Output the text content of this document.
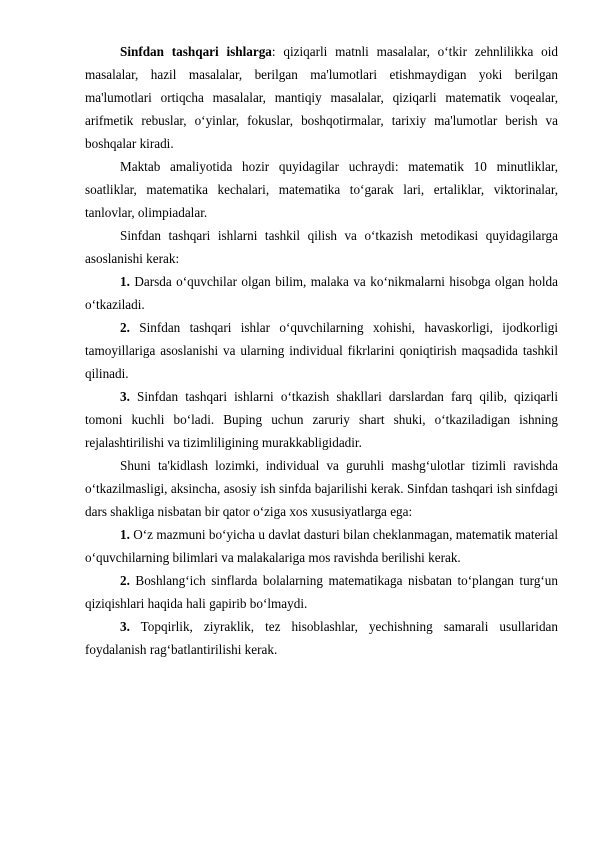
Sinfdan tashqari ishlarga: qiziqarli matnli masalalar, oʻtkir zehnlilikka oid masalalar, hazil masalalar, berilgan ma'lumotlari etishmaydigan yoki berilgan ma'lumotlari ortiqcha masalalar, mantiqiy masalalar, qiziqarli matematik voqealar, arifmetik rebuslar, oʻyinlar, fokuslar, boshqotirmalar, tarixiy ma'lumotlar berish va boshqalar kiradi.

Maktab amaliyotida hozir quyidagilar uchraydi: matematik 10 minutliklar, soatliklar, matematika kechalari, matematika toʻgarak lari, ertaliklar, viktorinalar, tanlovlar, olimpiadalar.

Sinfdan tashqari ishlarni tashkil qilish va oʻtkazish metodikasi quyidagilarga asoslanishi kerak:

1. Darsda oʻquvchilar olgan bilim, malaka va koʻnikmalarni hisobga olgan holda oʻtkaziladi.

2. Sinfdan tashqari ishlar oʻquvchilarning xohishi, havaskorligi, ijodkorligi tamoyillariga asoslanishi va ularning individual fikrlarini qoniqtirish maqsadida tashkil qilinadi.

3. Sinfdan tashqari ishlarni oʻtkazish shakllari darslardan farq qilib, qiziqarli tomoni kuchli boʻladi. Buping uchun zaruriy shart shuki, oʻtkaziladigan ishning rejalashtirilishi va tizimliligining murakkabligidadir.

Shuni ta'kidlash lozimki, individual va guruhli mashgʻulotlar tizimli ravishda oʻtkazilmasligi, aksincha, asosiy ish sinfda bajarilishi kerak. Sinfdan tashqari ish sinfdagi dars shakliga nisbatan bir qator oʻziga xos xususiyatlarga ega:

1. Oʻz mazmuni boʻyicha u davlat dasturi bilan cheklanmagan, matematik material oʻquvchilarning bilimlari va malakalariga mos ravishda berilishi kerak.

2. Boshlangʻich sinflarda bolalarning matematikaga nisbatan toʻplangan turgʻun

qiziqishlari haqida hali gapirib boʻlmaydi.

3. Topqirlik, ziyraklik, tez hisoblashlar, yechishning samarali usullaridan foydalanish ragʻbatlantirilishi kerak.
